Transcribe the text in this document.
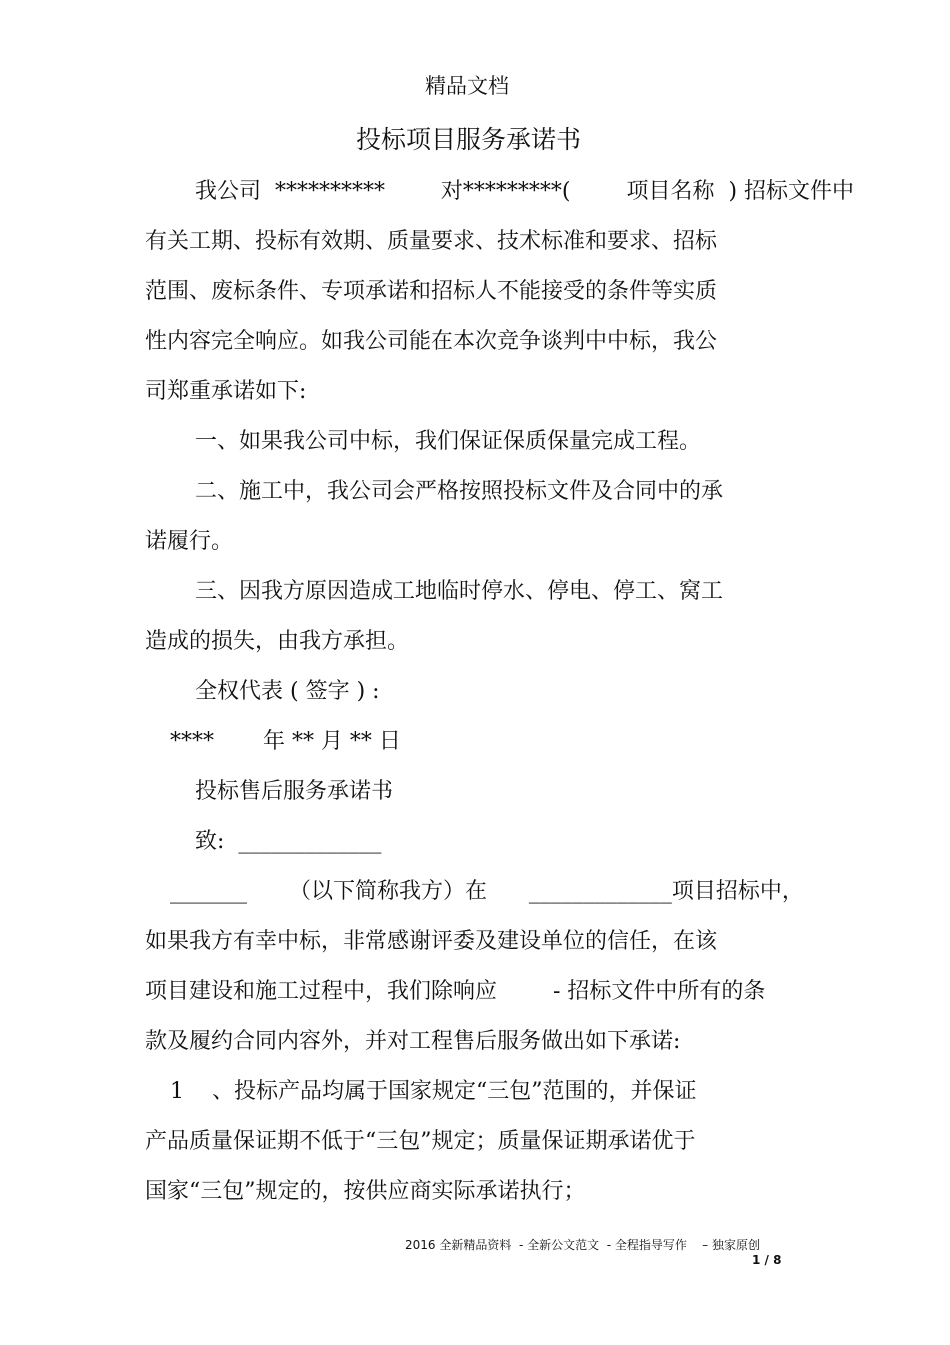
精品文档
投标项目服务承诺书
我公司  **********        对*********(        项目名称  ) 招标文件中
有关工期、投标有效期、质量要求、技术标准和要求、招标
范围、废标条件、专项承诺和招标人不能接受的条件等实质
性内容完全响应。如我公司能在本次竞争谈判中中标，我公
司郑重承诺如下:
一、如果我公司中标，我们保证保质保量完成工程。
二、施工中，我公司会严格按照投标文件及合同中的承
诺履行。
三、因我方原因造成工地临时停水、停电、停工、窝工
造成的损失，由我方承担。
全权代表 ( 签字 ) :
****       年 ** 月 ** 日
投标售后服务承诺书
致:  _____________
_______      （以下简称我方）在      _____________项目招标中，
如果我方有幸中标，非常感谢评委及建设单位的信任，在该
项目建设和施工过程中，我们除响应        - 招标文件中所有的条
款及履约合同内容外，并对工程售后服务做出如下承诺:
1    、投标产品均属于国家规定“三包”范围的，并保证
产品质量保证期不低于“三包”规定；质量保证期承诺优于
国家“三包”规定的，按供应商实际承诺执行；
2016 全新精品资料  - 全新公文范文  - 全程指导写作    – 独家原创
1 / 8
